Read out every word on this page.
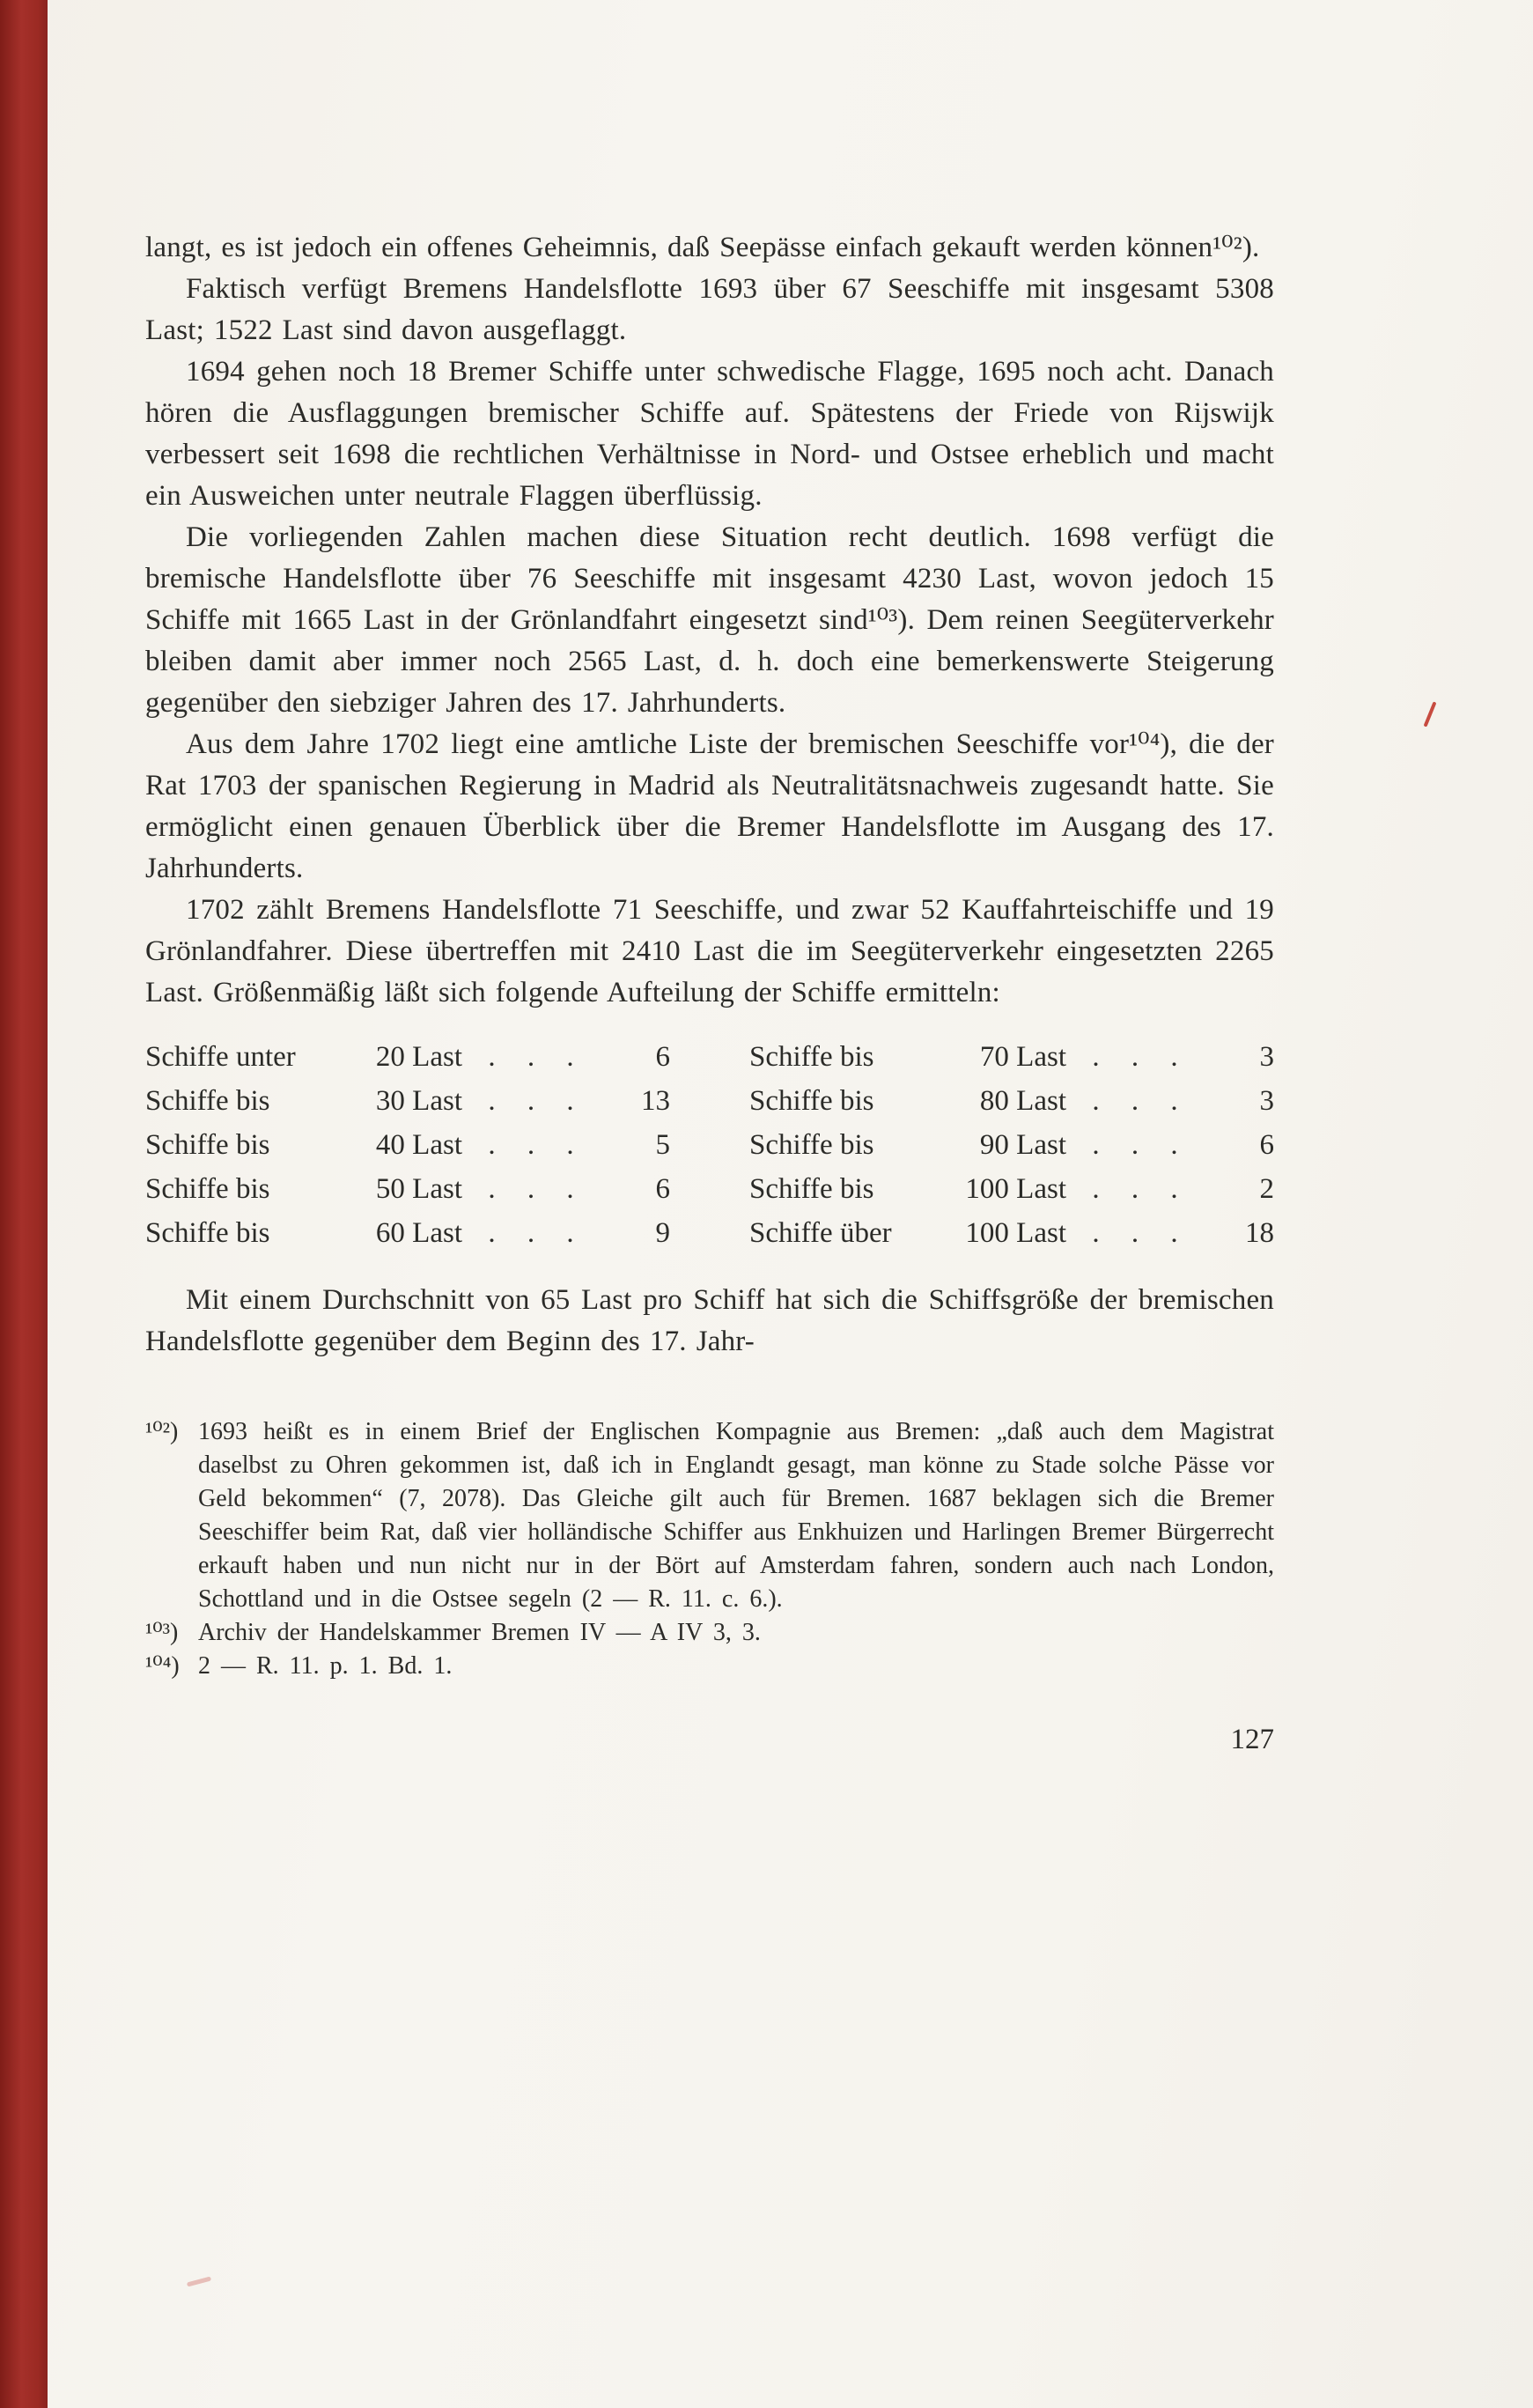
langt, es ist jedoch ein offenes Geheimnis, daß Seepässe einfach gekauft werden können¹⁰²).

Faktisch verfügt Bremens Handelsflotte 1693 über 67 Seeschiffe mit insgesamt 5308 Last; 1522 Last sind davon ausgeflaggt.

1694 gehen noch 18 Bremer Schiffe unter schwedische Flagge, 1695 noch acht. Danach hören die Ausflaggungen bremischer Schiffe auf. Spätestens der Friede von Rijswijk verbessert seit 1698 die rechtlichen Verhältnisse in Nord- und Ostsee erheblich und macht ein Ausweichen unter neutrale Flaggen überflüssig.

Die vorliegenden Zahlen machen diese Situation recht deutlich. 1698 verfügt die bremische Handelsflotte über 76 Seeschiffe mit insgesamt 4230 Last, wovon jedoch 15 Schiffe mit 1665 Last in der Grönlandfahrt eingesetzt sind¹⁰³). Dem reinen Seegüterverkehr bleiben damit aber immer noch 2565 Last, d. h. doch eine bemerkenswerte Steigerung gegenüber den siebziger Jahren des 17. Jahrhunderts.

Aus dem Jahre 1702 liegt eine amtliche Liste der bremischen Seeschiffe vor¹⁰⁴), die der Rat 1703 der spanischen Regierung in Madrid als Neutralitätsnachweis zugesandt hatte. Sie ermöglicht einen genauen Überblick über die Bremer Handelsflotte im Ausgang des 17. Jahrhunderts.

1702 zählt Bremens Handelsflotte 71 Seeschiffe, und zwar 52 Kauffahrteischiffe und 19 Grönlandfahrer. Diese übertreffen mit 2410 Last die im Seegüterverkehr eingesetzten 2265 Last. Größenmäßig läßt sich folgende Aufteilung der Schiffe ermitteln:

Schiffe unter	20 Last . . .	6
Schiffe bis	30 Last . . .	13
Schiffe bis	40 Last . . .	5
Schiffe bis	50 Last . . .	6
Schiffe bis	60 Last . . .	9
Schiffe bis	70 Last . . .	3
Schiffe bis	80 Last . . .	3
Schiffe bis	90 Last . . .	6
Schiffe bis	100 Last . . .	2
Schiffe über	100 Last . . .	18

Mit einem Durchschnitt von 65 Last pro Schiff hat sich die Schiffsgröße der bremischen Handelsflotte gegenüber dem Beginn des 17. Jahr-

¹⁰²) 1693 heißt es in einem Brief der Englischen Kompagnie aus Bremen: „daß auch dem Magistrat daselbst zu Ohren gekommen ist, daß ich in Englandt gesagt, man könne zu Stade solche Pässe vor Geld bekommen“ (7, 2078). Das Gleiche gilt auch für Bremen. 1687 beklagen sich die Bremer Seeschiffer beim Rat, daß vier holländische Schiffer aus Enkhuizen und Harlingen Bremer Bürgerrecht erkauft haben und nun nicht nur in der Bört auf Amsterdam fahren, sondern auch nach London, Schottland und in die Ostsee segeln (2 — R. 11. c. 6.).
¹⁰³) Archiv der Handelskammer Bremen IV — A IV 3, 3.
¹⁰⁴) 2 — R. 11. p. 1. Bd. 1.
127
